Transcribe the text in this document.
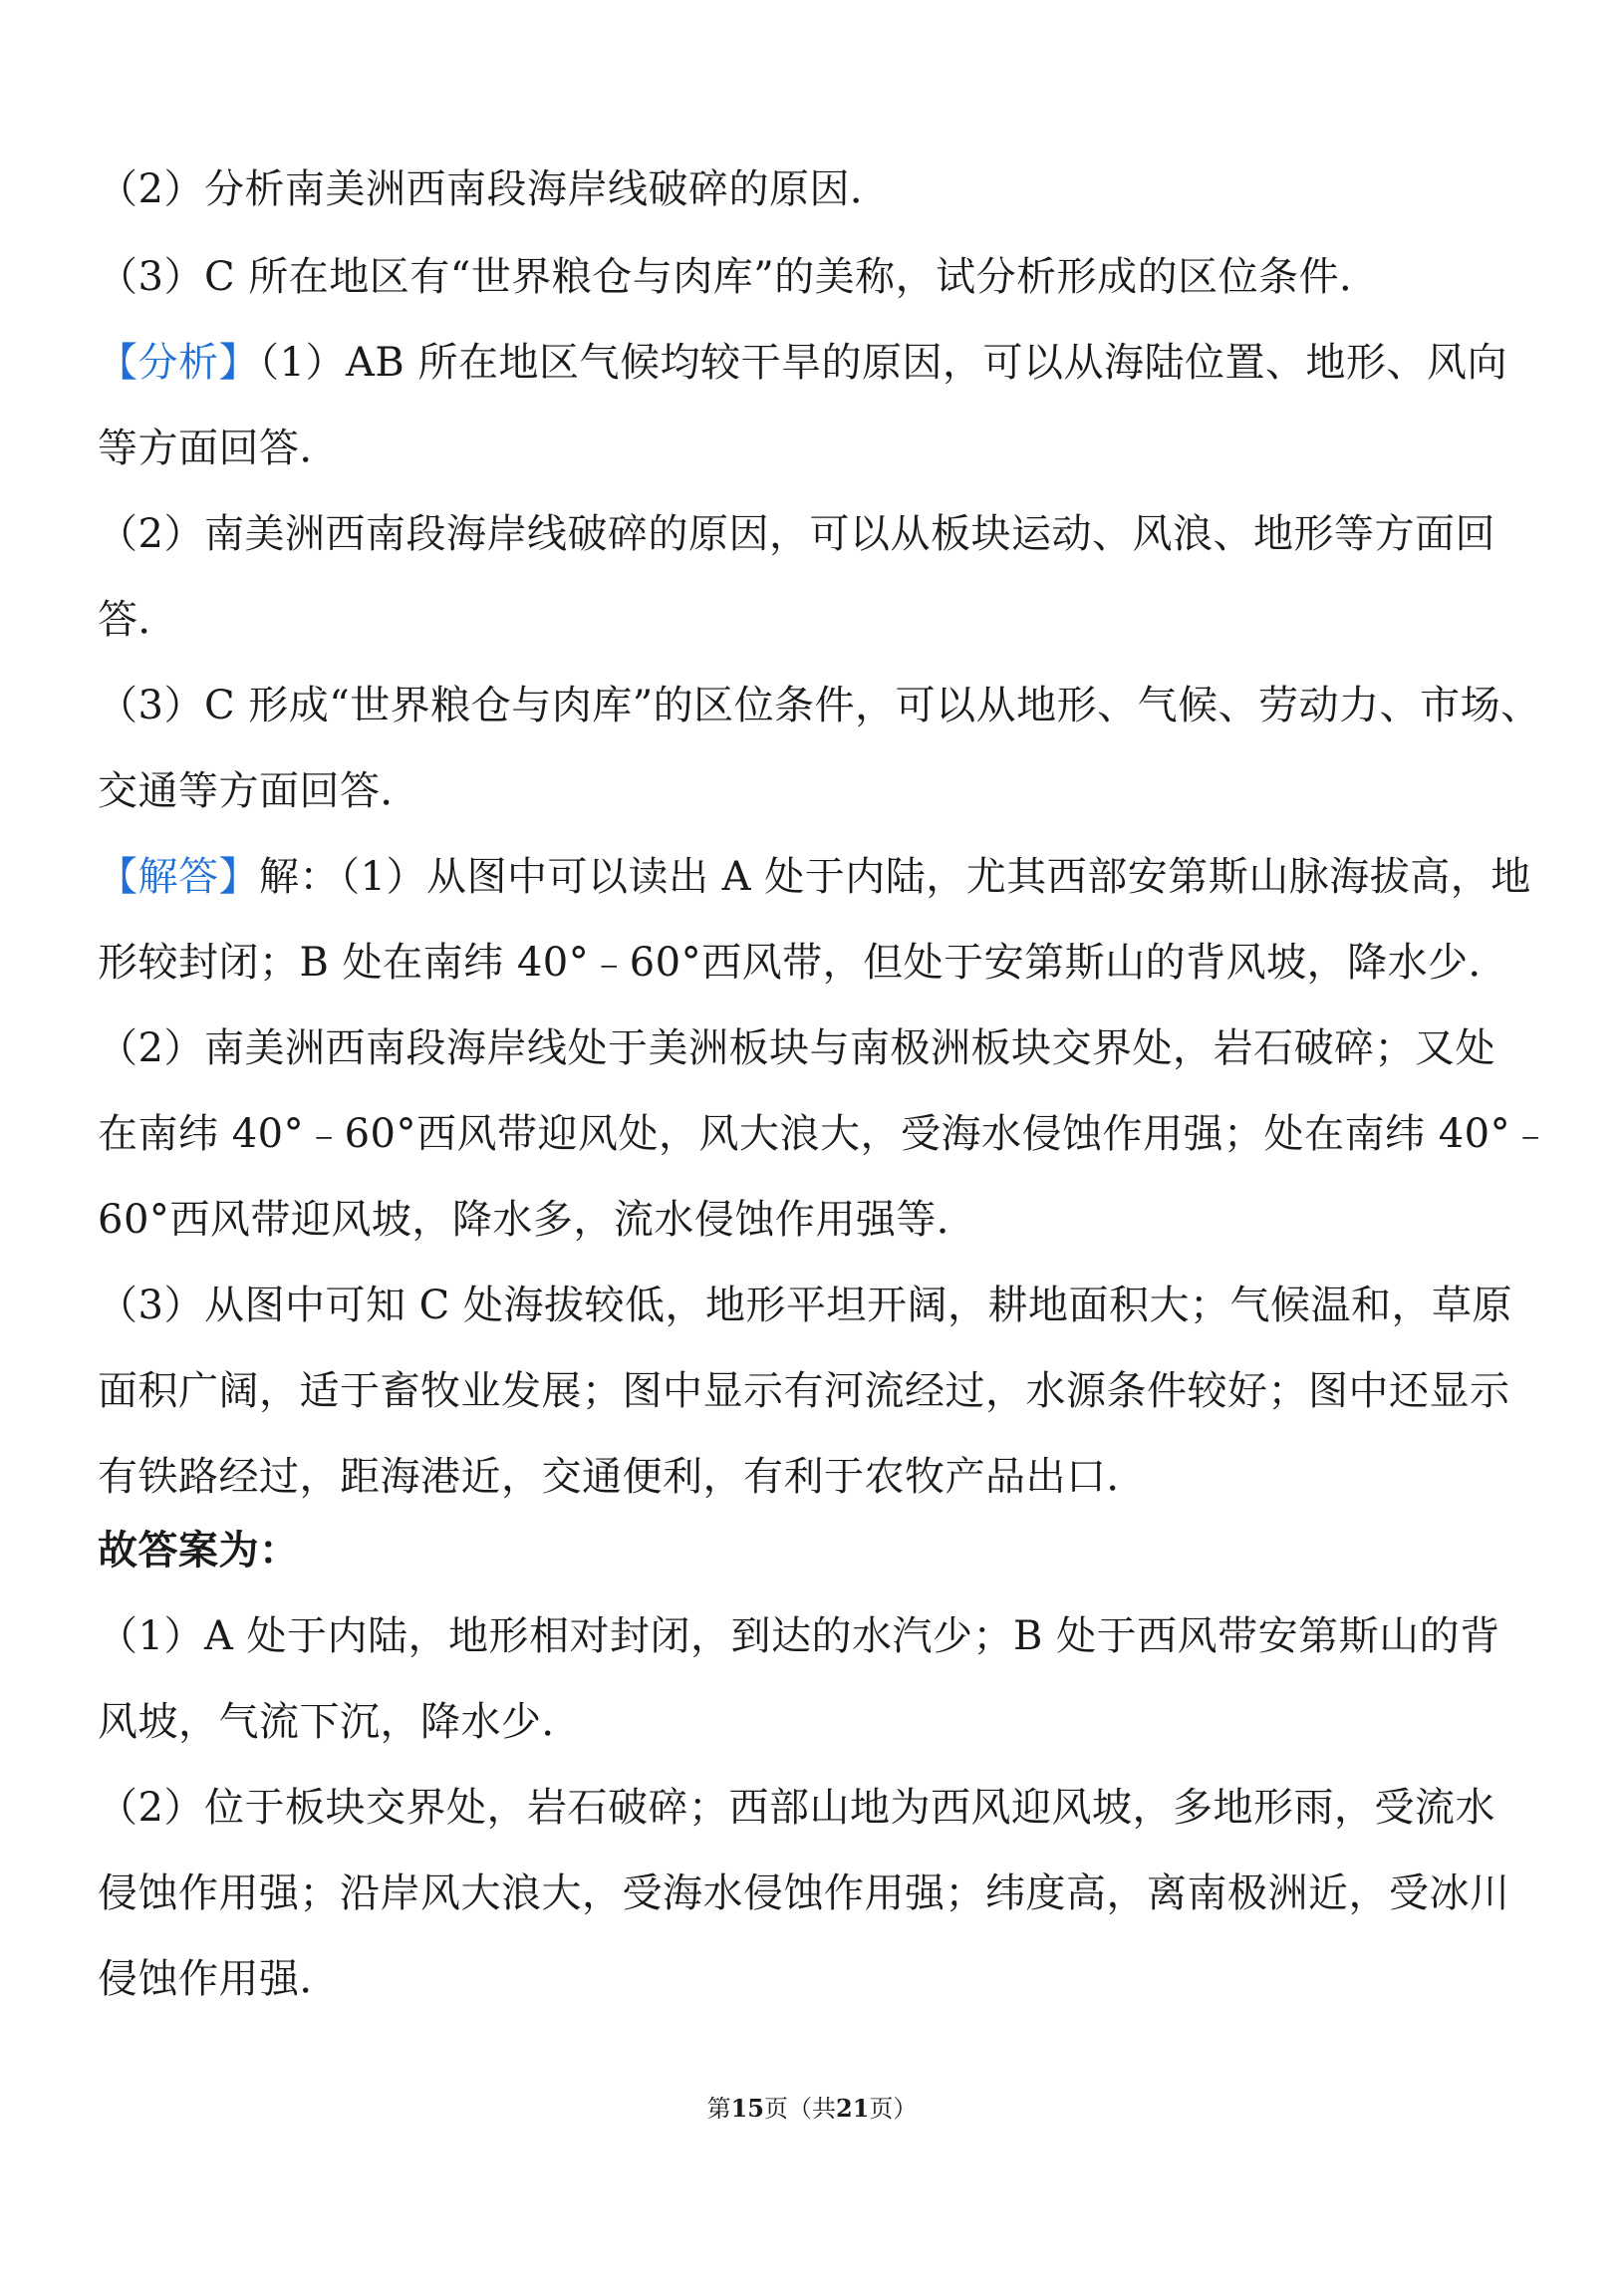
（2）分析南美洲西南段海岸线破碎的原因．
（3）C 所在地区有“世界粮仓与肉库”的美称，试分析形成的区位条件．
【分析】（1）AB 所在地区气候均较干旱的原因，可以从海陆位置、地形、风向
等方面回答．
（2）南美洲西南段海岸线破碎的原因，可以从板块运动、风浪、地形等方面回
答．
（3）C 形成“世界粮仓与肉库”的区位条件，可以从地形、气候、劳动力、市场、
交通等方面回答．
【解答】解：（1）从图中可以读出 A 处于内陆，尤其西部安第斯山脉海拔高，地
形较封闭；B 处在南纬 40°﹣60°西风带，但处于安第斯山的背风坡，降水少．
（2）南美洲西南段海岸线处于美洲板块与南极洲板块交界处，岩石破碎；又处
在南纬 40°﹣60°西风带迎风处，风大浪大，受海水侵蚀作用强；处在南纬 40°﹣
60°西风带迎风坡，降水多，流水侵蚀作用强等．
（3）从图中可知 C 处海拔较低，地形平坦开阔，耕地面积大；气候温和，草原
面积广阔，适于畜牧业发展；图中显示有河流经过，水源条件较好；图中还显示
有铁路经过，距海港近，交通便利，有利于农牧产品出口．
故答案为：
（1）A 处于内陆，地形相对封闭，到达的水汽少；B 处于西风带安第斯山的背
风坡，气流下沉，降水少．
（2）位于板块交界处，岩石破碎；西部山地为西风迎风坡，多地形雨，受流水
侵蚀作用强；沿岸风大浪大，受海水侵蚀作用强；纬度高，离南极洲近，受冰川
侵蚀作用强．
第15页（共21页）
